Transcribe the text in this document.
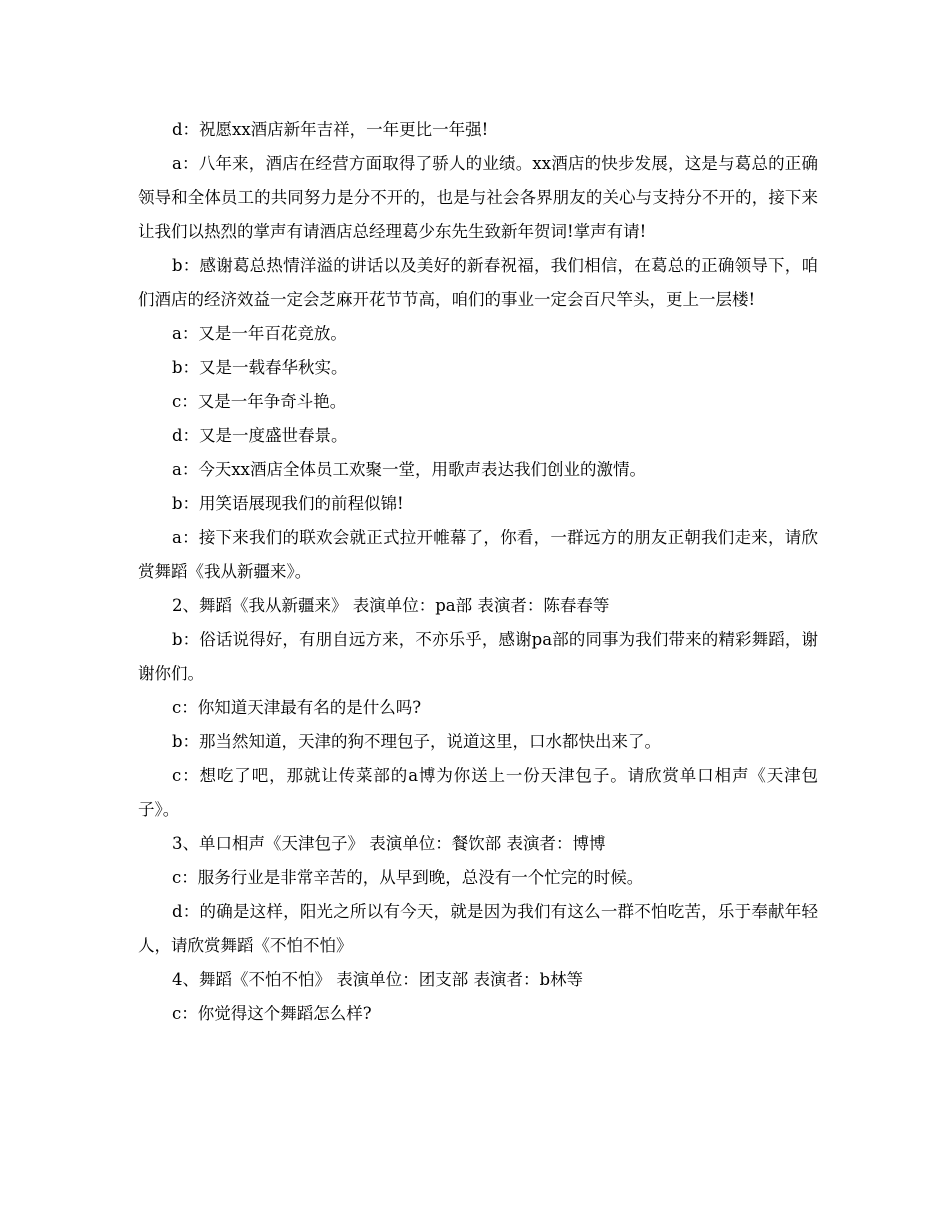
d：祝愿xx酒店新年吉祥，一年更比一年强!

a：八年来，酒店在经营方面取得了骄人的业绩。xx酒店的快步发展，这是与葛总的正确领导和全体员工的共同努力是分不开的，也是与社会各界朋友的关心与支持分不开的，接下来让我们以热烈的掌声有请酒店总经理葛少东先生致新年贺词!掌声有请!

b：感谢葛总热情洋溢的讲话以及美好的新春祝福，我们相信，在葛总的正确领导下，咱们酒店的经济效益一定会芝麻开花节节高，咱们的事业一定会百尺竿头，更上一层楼!

a：又是一年百花竞放。

b：又是一载春华秋实。

c：又是一年争奇斗艳。

d：又是一度盛世春景。

a：今天xx酒店全体员工欢聚一堂，用歌声表达我们创业的激情。

b：用笑语展现我们的前程似锦!

a：接下来我们的联欢会就正式拉开帷幕了，你看，一群远方的朋友正朝我们走来，请欣赏舞蹈《我从新疆来》。

2、舞蹈《我从新疆来》 表演单位：pa部 表演者：陈春春等

b：俗话说得好，有朋自远方来，不亦乐乎，感谢pa部的同事为我们带来的精彩舞蹈，谢谢你们。

c：你知道天津最有名的是什么吗?

b：那当然知道，天津的狗不理包子，说道这里，口水都快出来了。

c：想吃了吧，那就让传菜部的a博为你送上一份天津包子。请欣赏单口相声《天津包子》。

3、单口相声《天津包子》 表演单位：餐饮部 表演者：博博

c：服务行业是非常辛苦的，从早到晚，总没有一个忙完的时候。

d：的确是这样，阳光之所以有今天，就是因为我们有这么一群不怕吃苦，乐于奉献年轻人，请欣赏舞蹈《不怕不怕》

4、舞蹈《不怕不怕》 表演单位：团支部 表演者：b林等

c：你觉得这个舞蹈怎么样?
